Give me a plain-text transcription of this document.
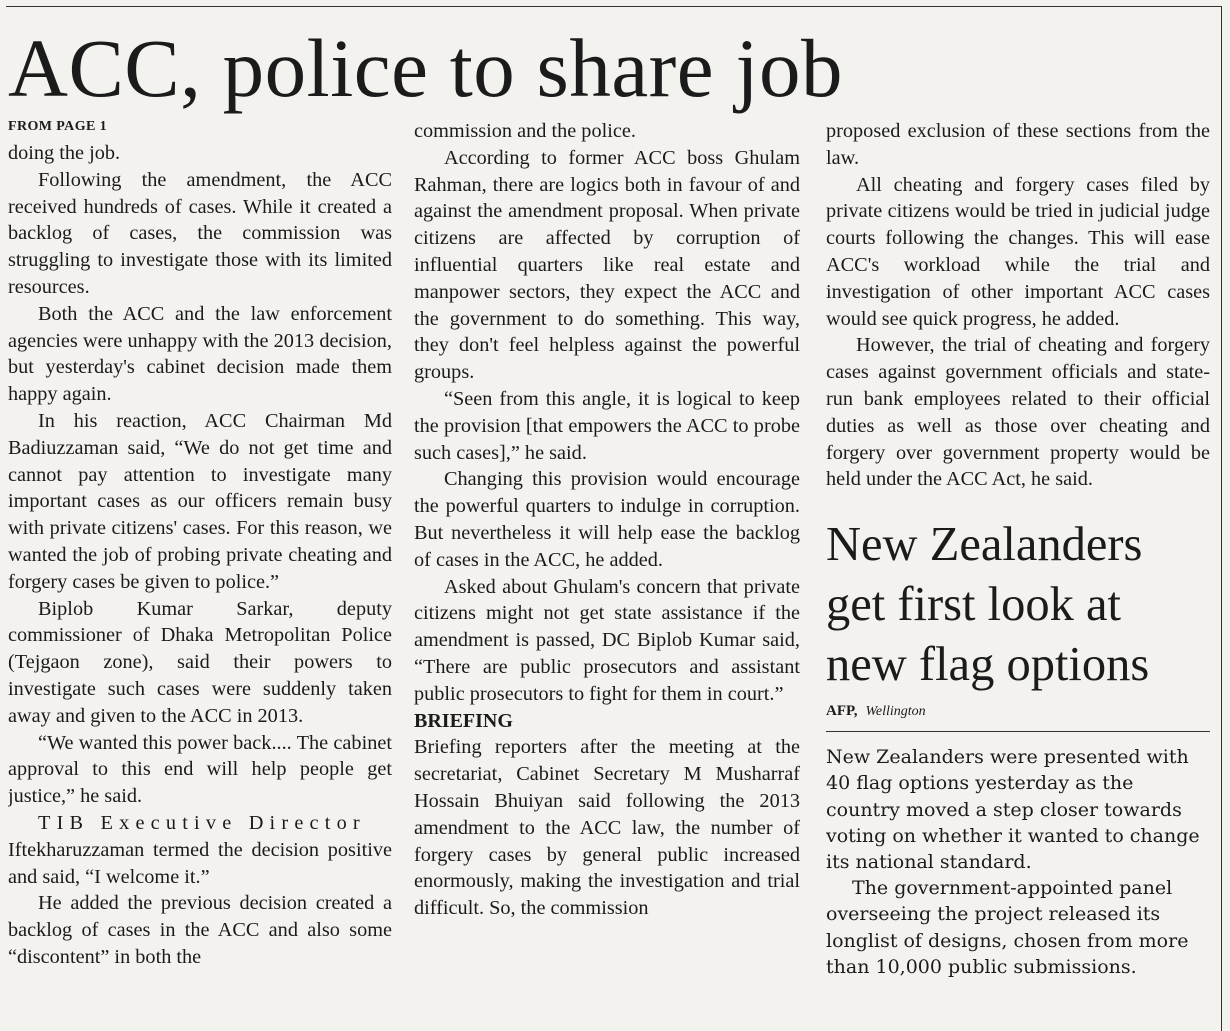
ACC, police to share job
FROM PAGE 1

doing the job.

Following the amendment, the ACC received hundreds of cases. While it created a backlog of cases, the commission was struggling to investigate those with its limited resources.

Both the ACC and the law enforcement agencies were unhappy with the 2013 decision, but yesterday's cabinet decision made them happy again.

In his reaction, ACC Chairman Md Badiuzzaman said, “We do not get time and cannot pay attention to investigate many important cases as our officers remain busy with private citizens' cases. For this reason, we wanted the job of probing private cheating and forgery cases be given to police.”

Biplob Kumar Sarkar, deputy commissioner of Dhaka Metropolitan Police (Tejgaon zone), said their powers to investigate such cases were suddenly taken away and given to the ACC in 2013.

“We wanted this power back.... The cabinet approval to this end will help people get justice,” he said.

TIB Executive Director

Iftekharuzzaman termed the decision positive and said, “I welcome it.”

He added the previous decision created a backlog of cases in the ACC and also some “discontent” in both the

commission and the police.

According to former ACC boss Ghulam Rahman, there are logics both in favour of and against the amendment proposal. When private citizens are affected by corruption of influential quarters like real estate and manpower sectors, they expect the ACC and the government to do something. This way, they don't feel helpless against the powerful groups.

“Seen from this angle, it is logical to keep the provision [that empowers the ACC to probe such cases],” he said.

Changing this provision would encourage the powerful quarters to indulge in corruption. But nevertheless it will help ease the backlog of cases in the ACC, he added.

Asked about Ghulam's concern that private citizens might not get state assistance if the amendment is passed, DC Biplob Kumar said, “There are public prosecutors and assistant public prosecutors to fight for them in court.”

BRIEFING

Briefing reporters after the meeting at the secretariat, Cabinet Secretary M Musharraf Hossain Bhuiyan said following the 2013 amendment to the ACC law, the number of forgery cases by general public increased enormously, making the investigation and trial difficult. So, the commission

proposed exclusion of these sections from the law.

All cheating and forgery cases filed by private citizens would be tried in judicial judge courts following the changes. This will ease ACC's workload while the trial and investigation of other important ACC cases would see quick progress, he added.

However, the trial of cheating and forgery cases against government officials and state-run bank employees related to their official duties as well as those over cheating and forgery over government property would be held under the ACC Act, he said.

New Zealanders
get first look at
new flag options
AFP, Wellington

New Zealanders were presented with 40 flag options yesterday as the country moved a step closer towards voting on whether it wanted to change its national standard.

The government-appointed panel overseeing the project released its longlist of designs, chosen from more than 10,000 public submissions.
